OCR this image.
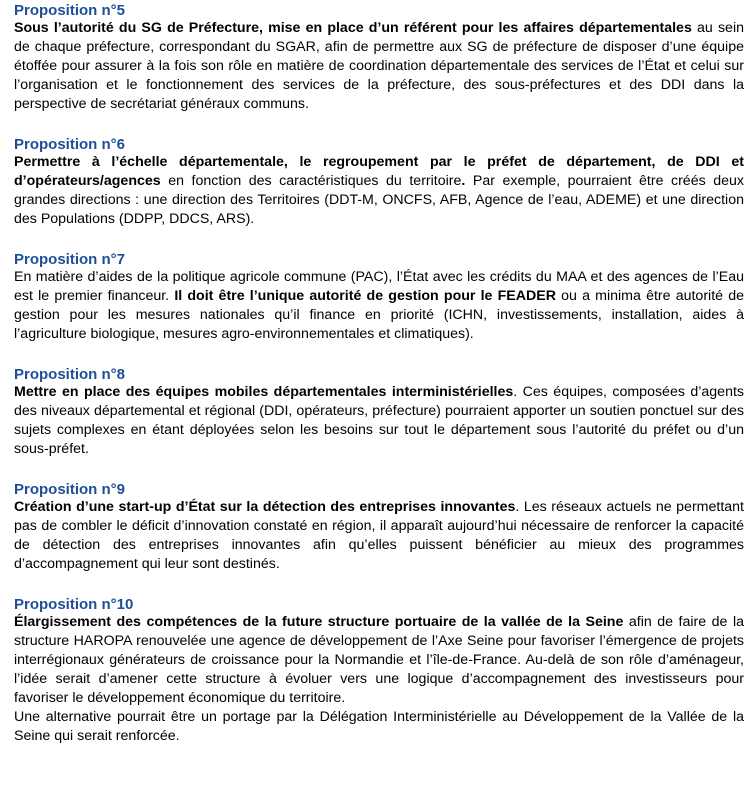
Proposition n°5

Sous l’autorité du SG de Préfecture, mise en place d’un référent pour les affaires départementales au sein de chaque préfecture, correspondant du SGAR, afin de permettre aux SG de préfecture de disposer d’une équipe étoffée pour assurer à la fois son rôle en matière de coordination départementale des services de l’État et celui sur l’organisation et le fonctionnement des services de la préfecture, des sous-préfectures et des DDI dans la perspective de secrétariat généraux communs.

Proposition n°6

Permettre à l’échelle départementale, le regroupement par le préfet de département, de DDI et d’opérateurs/agences en fonction des caractéristiques du territoire. Par exemple, pourraient être créés deux grandes directions : une direction des Territoires (DDT-M, ONCFS, AFB, Agence de l’eau, ADEME) et une direction des Populations (DDPP, DDCS, ARS).

Proposition n°7

En matière d’aides de la politique agricole commune (PAC), l’État avec les crédits du MAA et des agences de l’Eau est le premier financeur. Il doit être l’unique autorité de gestion pour le FEADER ou a minima être autorité de gestion pour les mesures nationales qu’il finance en priorité (ICHN, investissements, installation, aides à l’agriculture biologique, mesures agro-environnementales et climatiques).

Proposition n°8

Mettre en place des équipes mobiles départementales interministérielles. Ces équipes, composées d’agents des niveaux départemental et régional (DDI, opérateurs, préfecture) pourraient apporter un soutien ponctuel sur des sujets complexes en étant déployées selon les besoins sur tout le département sous l’autorité du préfet ou d’un sous-préfet.

Proposition n°9

Création d’une start-up d’État sur la détection des entreprises innovantes. Les réseaux actuels ne permettant pas de combler le déficit d’innovation constaté en région, il apparaît aujourd’hui nécessaire de renforcer la capacité de détection des entreprises innovantes afin qu’elles puissent bénéficier au mieux des programmes d’accompagnement qui leur sont destinés.

Proposition n°10

Élargissement des compétences de la future structure portuaire de la vallée de la Seine afin de faire de la structure HAROPA renouvelée une agence de développement de l’Axe Seine pour favoriser l’émergence de projets interrégionaux générateurs de croissance pour la Normandie et l’île-de-France. Au-delà de son rôle d’aménageur, l’idée serait d’amener cette structure à évoluer vers une logique d’accompagnement des investisseurs pour favoriser le développement économique du territoire.
Une alternative pourrait être un portage par la Délégation Interministérielle au Développement de la Vallée de la Seine qui serait renforcée.
